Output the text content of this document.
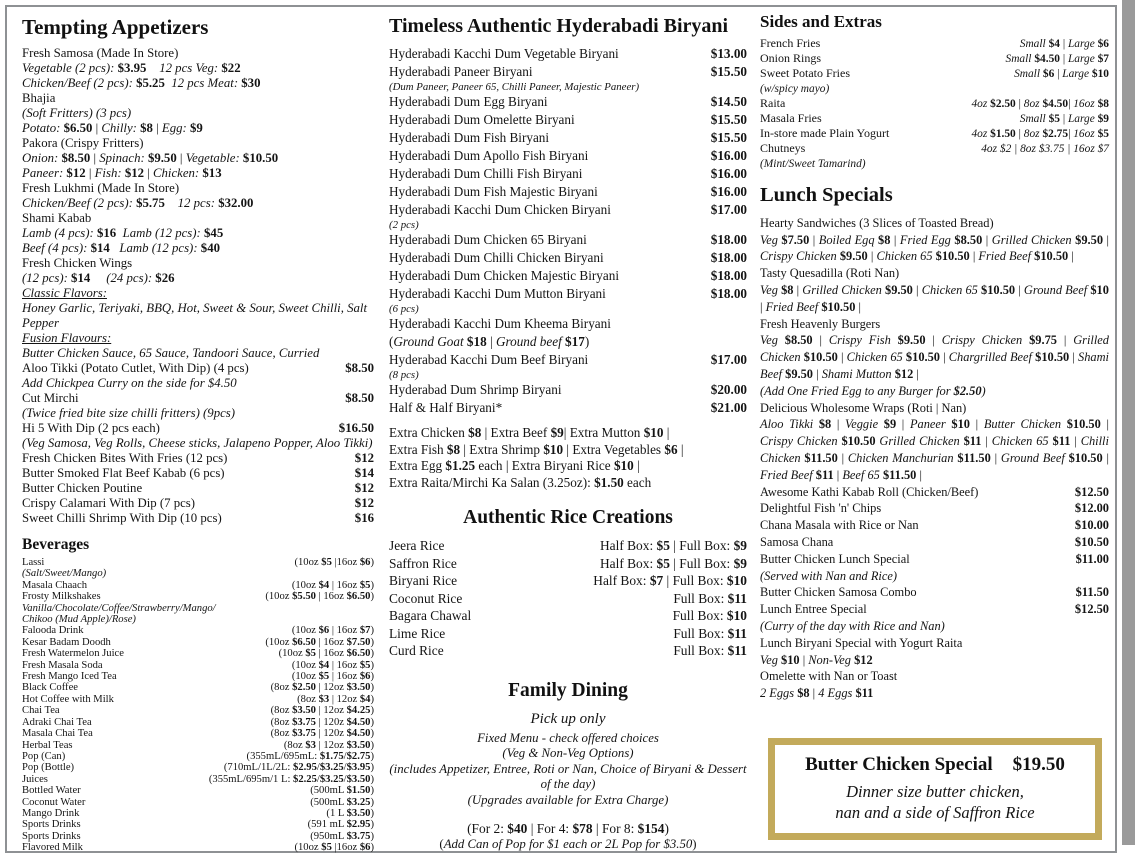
Tempting Appetizers
Fresh Samosa (Made In Store)
Vegetable (2 pcs): $3.95 12 pcs Veg: $22
Chicken/Beef (2 pcs): $5.25 12 pcs Meat: $30
Bhajia
(Soft Fritters) (3 pcs)
Potato: $6.50 | Chilly: $8 | Egg: $9
Pakora (Crispy Fritters)
Onion: $8.50 | Spinach: $9.50 | Vegetable: $10.50
Paneer: $12 | Fish: $12 | Chicken: $13
Fresh Lukhmi (Made In Store)
Chicken/Beef (2 pcs): $5.75 12 pcs: $32.00
Shami Kabab
Lamb (4 pcs): $16 Lamb (12 pcs): $45
Beef (4 pcs): $14 Lamb (12 pcs): $40
Fresh Chicken Wings
(12 pcs): $14 (24 pcs): $26
Classic Flavors:
Honey Garlic, Teriyaki, BBQ, Hot, Sweet & Sour, Sweet Chilli, Salt Pepper
Fusion Flavours:
Butter Chicken Sauce, 65 Sauce, Tandoori Sauce, Curried
Aloo Tikki (Potato Cutlet, With Dip) (4 pcs)	$8.50
Add Chickpea Curry on the side for $4.50
Cut Mirchi	$8.50
(Twice fried bite size chilli fritters) (9pcs)
Hi 5 With Dip (2 pcs each)	$16.50
(Veg Samosa, Veg Rolls, Cheese sticks, Jalapeno Popper, Aloo Tikki)
Fresh Chicken Bites With Fries (12 pcs)	$12
Butter Smoked Flat Beef Kabab (6 pcs)	$14
Butter Chicken Poutine	$12
Crispy Calamari With Dip (7 pcs)	$12
Sweet Chilli Shrimp With Dip (10 pcs)	$16
Beverages
Lassi	(10oz $5 |16oz $6)
(Salt/Sweet/Mango)
Masala Chaach	(10oz $4 | 16oz $5)
Frosty Milkshakes	(10oz $5.50 | 16oz $6.50)
Vanilla/Chocolate/Coffee/Strawberry/Mango/
Chikoo (Mud Apple)/Rose)
Falooda Drink	(10oz $6 | 16oz $7)
Kesar Badam Doodh	(10oz $6.50 | 16oz $7.50)
Fresh Watermelon Juice	(10oz $5 | 16oz $6.50)
Fresh Masala Soda	(10oz $4 | 16oz $5)
Fresh Mango Iced Tea	(10oz $5 | 16oz $6)
Black Coffee	(8oz $2.50 | 12oz $3.50)
Hot Coffee with Milk	(8oz $3 | 12oz $4)
Chai Tea	(8oz $3.50 | 12oz $4.25)
Adraki Chai Tea	(8oz $3.75 | 120z $4.50)
Masala Chai Tea	(8oz $3.75 | 120z $4.50)
Herbal Teas	(8oz $3 | 12oz $3.50)
Pop (Can)	(355mL/695mL: $1.75/$2.75)
Pop (Bottle)	(710mL/1L/2L: $2.95/$3.25/$3.95)
Juices	(355mL/695m/1 L: $2.25/$3.25/$3.50)
Bottled Water	(500mL $1.50)
Coconut Water	(500mL $3.25)
Mango Drink	(1 L $3.50)
Sports Drinks	(591 mL $2.95)
Sports Drinks	(950mL $3.75)
Flavored Milk	(10oz $5 |16oz $6)
Timeless Authentic Hyderabadi Biryani
Hyderabadi Kacchi Dum Vegetable Biryani	$13.00
Hyderabadi Paneer Biryani	$15.50
(Dum Paneer, Paneer 65, Chilli Paneer, Majestic Paneer)
Hyderabadi Dum Egg Biryani	$14.50
Hyderabadi Dum Omelette Biryani	$15.50
Hyderabadi Dum Fish Biryani	$15.50
Hyderabadi Dum Apollo Fish Biryani	$16.00
Hyderabadi Dum Chilli Fish Biryani	$16.00
Hyderabadi Dum Fish Majestic Biryani	$16.00
Hyderabadi Kacchi Dum Chicken Biryani	$17.00
(2 pcs)
Hyderabadi Dum Chicken 65 Biryani	$18.00
Hyderabadi Dum Chilli Chicken Biryani	$18.00
Hyderabadi Dum Chicken Majestic Biryani	$18.00
Hyderabadi Kacchi Dum Mutton Biryani	$18.00
(6 pcs)
Hyderabadi Kacchi Dum Kheema Biryani
(Ground Goat $18 | Ground beef $17)
Hyderabad Kacchi Dum Beef Biryani	$17.00
(8 pcs)
Hyderabad Dum Shrimp Biryani	$20.00
Half & Half Biryani*	$21.00
Extra Chicken $8 | Extra Beef $9| Extra Mutton $10 |
Extra Fish $8 | Extra Shrimp $10 | Extra Vegetables $6 |
Extra Egg $1.25 each | Extra Biryani Rice $10 |
Extra Raita/Mirchi Ka Salan (3.25oz): $1.50 each
Authentic Rice Creations
Jeera Rice	Half Box: $5 | Full Box: $9
Saffron Rice	Half Box: $5 | Full Box: $9
Biryani Rice	Half Box: $7 | Full Box: $10
Coconut Rice	Full Box: $11
Bagara Chawal	Full Box: $10
Lime Rice	Full Box: $11
Curd Rice	Full Box: $11
Family Dining
Pick up only
Fixed Menu - check offered choices
(Veg & Non-Veg Options)
(includes Appetizer, Entree, Roti or Nan, Choice of Biryani & Dessert of the day)
(Upgrades available for Extra Charge)
(For 2: $40 | For 4: $78 | For 8: $154)
(Add Can of Pop for $1 each or 2L Pop for $3.50)
Sides and Extras
French Fries	Small $4 | Large $6
Onion Rings	Small $4.50 | Large $7
Sweet Potato Fries	Small $6 | Large $10
(w/spicy mayo)
Raita	4oz $2.50 | 8oz $4.50| 16oz $8
Masala Fries	Small $5 | Large $9
In-store made Plain Yogurt	4oz $1.50 | 8oz $2.75| 16oz $5
Chutneys	4oz $2 | 8oz $3.75 | 16oz $7
(Mint/Sweet Tamarind)
Lunch Specials
Hearty Sandwiches (3 Slices of Toasted Bread)
Veg $7.50 | Boiled Egq $8 | Fried Egg $8.50 | Grilled Chicken $9.50 | Crispy Chicken $9.50 | Chicken 65 $10.50 | Fried Beef $10.50 |
Tasty Quesadilla (Roti Nan)
Veg $8 | Grilled Chicken $9.50 | Chicken 65 $10.50 | Ground Beef $10 | Fried Beef $10.50 |
Fresh Heavenly Burgers
Veg $8.50 | Crispy Fish $9.50 | Crispy Chicken $9.75 | Grilled Chicken $10.50 | Chicken 65 $10.50 | Chargrilled Beef $10.50 | Shami Beef $9.50 | Shami Mutton $12 |
(Add One Fried Egg to any Burger for $2.50)
Delicious Wholesome Wraps (Roti | Nan)
Aloo Tikki $8 | Veggie $9 | Paneer $10 | Butter Chicken $10.50 | Crispy Chicken $10.50 Grilled Chicken $11 | Chicken 65 $11 | Chilli Chicken $11.50 | Chicken Manchurian $11.50 | Ground Beef $10.50 | Fried Beef $11 | Beef 65 $11.50 |
Awesome Kathi Kabab Roll (Chicken/Beef)	$12.50
Delightful Fish 'n' Chips	$12.00
Chana Masala with Rice or Nan	$10.00
Samosa Chana	$10.50
Butter Chicken Lunch Special	$11.00
(Served with Nan and Rice)
Butter Chicken Samosa Combo	$11.50
Lunch Entree Special	$12.50
(Curry of the day with Rice and Nan)
Lunch Biryani Special with Yogurt Raita
Veg $10 | Non-Veg $12
Omelette with Nan or Toast
2 Eggs $8 | 4 Eggs $11
Butter Chicken Special $19.50
Dinner size butter chicken,
nan and a side of Saffron Rice
